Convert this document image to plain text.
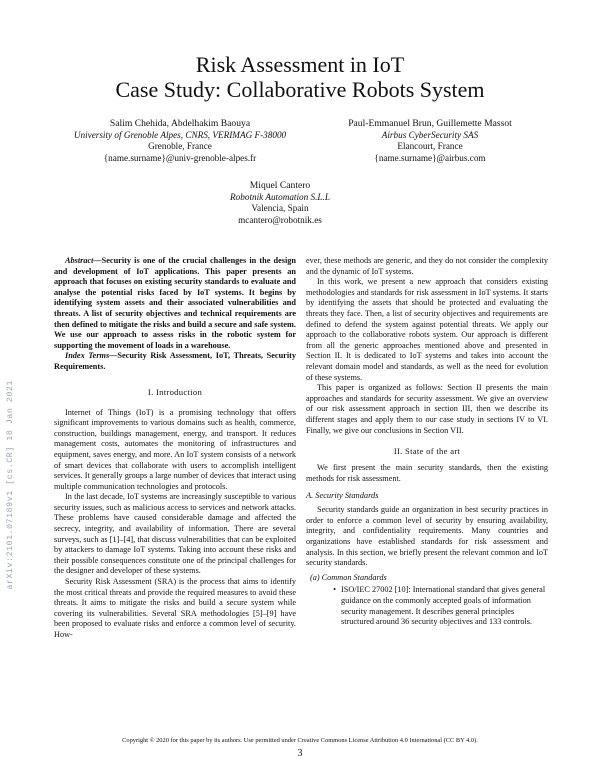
Risk Assessment in IoT
Case Study: Collaborative Robots System
Salim Chehida, Abdelhakim Baouya
University of Grenoble Alpes, CNRS, VERIMAG F-38000
Grenoble, France
{name.surname}@univ-grenoble-alpes.fr
Paul-Emmanuel Brun, Guillemette Massot
Airbus CyberSecurity SAS
Elancourt, France
{name.surname}@airbus.com
Miquel Cantero
Robotnik Automation S.L.L
Valencia, Spain
mcantero@robotnik.es
arXiv:2101.07189v1 [cs.CR] 18 Jan 2021

Abstract—Security is one of the crucial challenges in the design and development of IoT applications. This paper presents an approach that focuses on existing security standards to evaluate and analyse the potential risks faced by IoT systems. It begins by identifying system assets and their associated vulnerabilities and threats. A list of security objectives and technical requirements are then defined to mitigate the risks and build a secure and safe system. We use our approach to assess risks in the robotic system for supporting the movement of loads in a warehouse.

Index Terms—Security Risk Assessment, IoT, Threats, Security Requirements.

I. Introduction

Internet of Things (IoT) is a promising technology that offers significant improvements to various domains such as health, commerce, construction, buildings management, energy, and transport. It reduces management costs, automates the monitoring of infrastructures and equipment, saves energy, and more. An IoT system consists of a network of smart devices that collaborate with users to accomplish intelligent services. It generally groups a large number of devices that interact using multiple communication technologies and protocols.

In the last decade, IoT systems are increasingly susceptible to various security issues, such as malicious access to services and network attacks. These problems have caused considerable damage and affected the secrecy, integrity, and availability of information. There are several surveys, such as [1]–[4], that discuss vulnerabilities that can be exploited by attackers to damage IoT systems. Taking into account these risks and their possible consequences constitute one of the principal challenges for the designer and developer of these systems.

Security Risk Assessment (SRA) is the process that aims to identify the most critical threats and provide the required measures to avoid these threats. It aims to mitigate the risks and build a secure system while covering its vulnerabilities. Several SRA methodologies [5]–[9] have been proposed to evaluate risks and enforce a common level of security. How-

ever, these methods are generic, and they do not consider the complexity and the dynamic of IoT systems.

In this work, we present a new approach that considers existing methodologies and standards for risk assessment in IoT systems. It starts by identifying the assets that should be protected and evaluating the threats they face. Then, a list of security objectives and requirements are defined to defend the system against potential threats. We apply our approach to the collaborative robots system. Our approach is different from all the generic approaches mentioned above and presented in Section II. It is dedicated to IoT systems and takes into account the relevant domain model and standards, as well as the need for evolution of these systems.

This paper is organized as follows: Section II presents the main approaches and standards for security assessment. We give an overview of our risk assessment approach in section III, then we describe its different stages and apply them to our case study in sections IV to VI. Finally, we give our conclusions in Section VII.

II. State of the art

We first present the main security standards, then the existing methods for risk assessment.

A. Security Standards

Security standards guide an organization in best security practices in order to enforce a common level of security by ensuring availability, integrity, and confidentiality requirements. Many countries and organizations have established standards for risk assessment and analysis. In this section, we briefly present the relevant common and IoT security standards.

(a) Common Standards
• ISO/IEC 27002 [10]: International standard that gives general guidance on the commonly accepted goals of information security management. It describes general principles structured around 36 security objectives and 133 controls.
Copyright © 2020 for this paper by its authors. Use permitted under Creative Commons License Attribution 4.0 International (CC BY 4.0).
3
